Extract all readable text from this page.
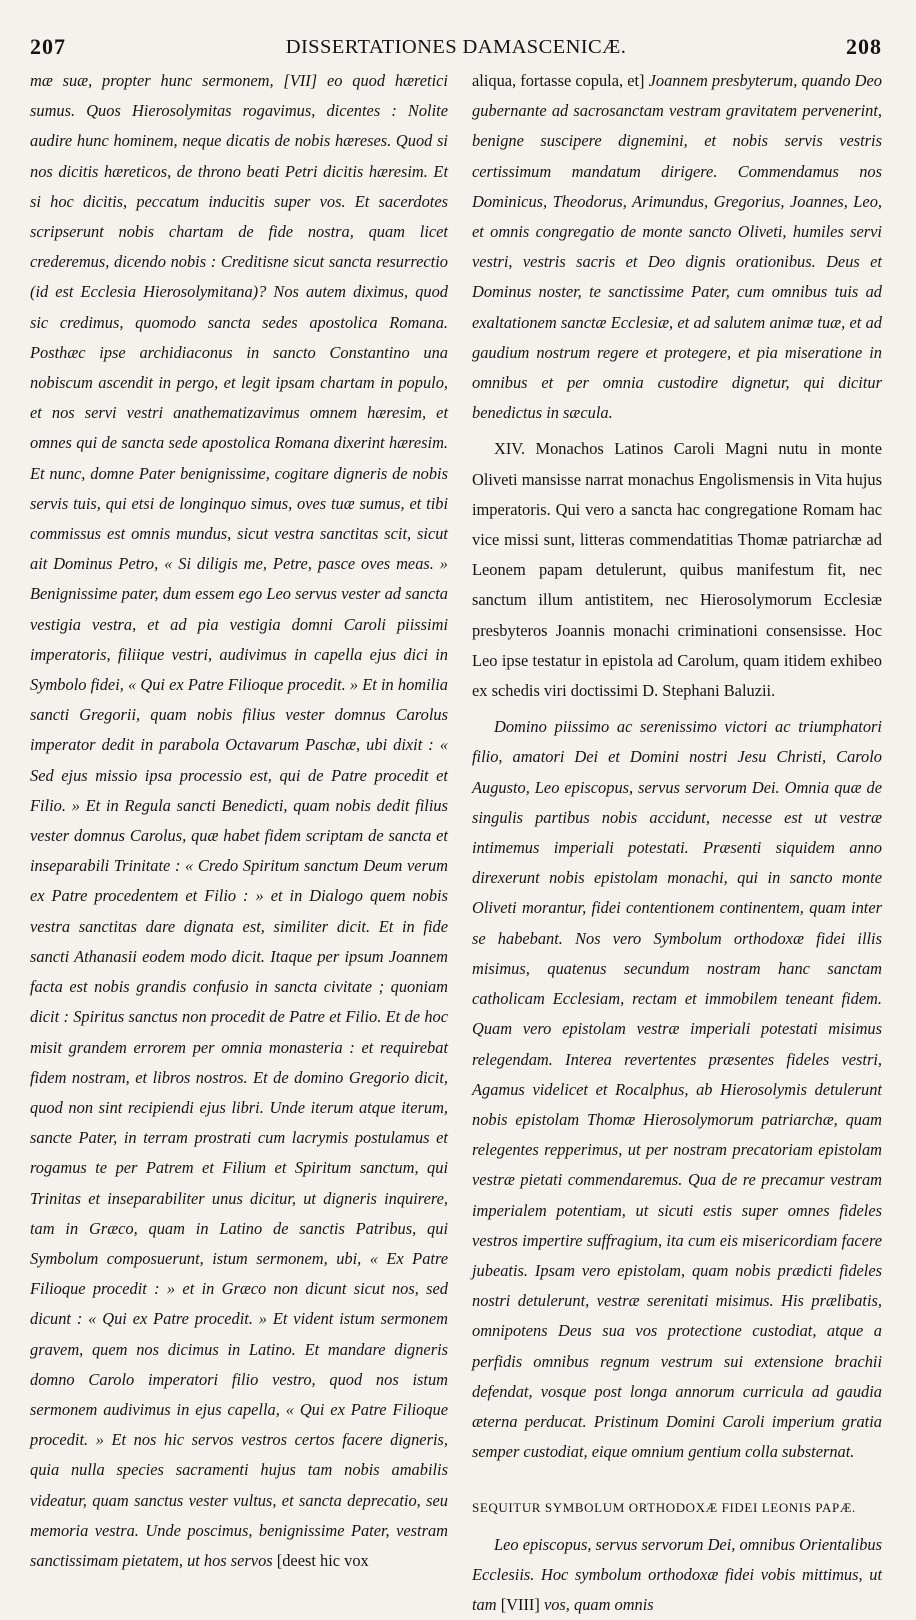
207	DISSERTATIONES DAMASCENICÆ.	208

mæ suæ, propter hunc sermonem, [VII] eo quod hæretici sumus. Quos Hierosolymitas rogavimus, dicentes : Nolite audire hunc hominem, neque dicatis de nobis hæreses. Quod si nos dicitis hæreticos, de throno beati Petri dicitis hæresim. Et si hoc dicitis, peccatum inducitis super vos. Et sacerdotes scripserunt nobis chartam de fide nostra, quam licet crederemus, dicendo nobis : Creditisne sicut sancta resurrectio (id est Ecclesia Hierosolymitana)? Nos autem diximus, quod sic credimus, quomodo sancta sedes apostolica Romana. Posthæc ipse archidiaconus in sancto Constantino una nobiscum ascendit in pergo, et legit ipsam chartam in populo, et nos servi vestri anathematizavimus omnem hæresim, et omnes qui de sancta sede apostolica Romana dixerint hæresim. Et nunc, domne Pater benignissime, cogitare digneris de nobis servis tuis, qui etsi de longinquo simus, oves tuæ sumus, et tibi commissus est omnis mundus, sicut vestra sanctitas scit, sicut ait Dominus Petro, « Si diligis me, Petre, pasce oves meas. » Benignissime pater, dum essem ego Leo servus vester ad sancta vestigia vestra, et ad pia vestigia domni Caroli piissimi imperatoris, filiique vestri, audivimus in capella ejus dici in Symbolo fidei, « Qui ex Patre Filioque procedit. » Et in homilia sancti Gregorii, quam nobis filius vester domnus Carolus imperator dedit in parabola Octavarum Paschæ, ubi dixit : « Sed ejus missio ipsa processio est, qui de Patre procedit et Filio. » Et in Regula sancti Benedicti, quam nobis dedit filius vester domnus Carolus, quæ habet fidem scriptam de sancta et inseparabili Trinitate : « Credo Spiritum sanctum Deum verum ex Patre procedentem et Filio : » et in Dialogo quem nobis vestra sanctitas dare dignata est, similiter dicit. Et in fide sancti Athanasii eodem modo dicit. Itaque per ipsum Joannem facta est nobis grandis confusio in sancta civitate ; quoniam dicit : Spiritus sanctus non procedit de Patre et Filio. Et de hoc misit grandem errorem per omnia monasteria : et requirebat fidem nostram, et libros nostros. Et de domino Gregorio dicit, quod non sint recipiendi ejus libri. Unde iterum atque iterum, sancte Pater, in terram prostrati cum lacrymis postulamus et rogamus te per Patrem et Filium et Spiritum sanctum, qui Trinitas et inseparabiliter unus dicitur, ut digneris inquirere, tam in Græco, quam in Latino de sanctis Patribus, qui Symbolum composuerunt, istum sermonem, ubi, « Ex Patre Filioque procedit : » et in Græco non dicunt sicut nos, sed dicunt : « Qui ex Patre procedit. » Et vident istum sermonem gravem, quem nos dicimus in Latino. Et mandare digneris domno Carolo imperatori filio vestro, quod nos istum sermonem audivimus in ejus capella, « Qui ex Patre Filioque procedit. » Et nos hic servos vestros certos facere digneris, quia nulla species sacramenti hujus tam nobis amabilis videatur, quam sanctus vester vultus, et sancta deprecatio, seu memoria vestra. Unde poscimus, benignissime Pater, vestram sanctissimam pietatem, ut hos servos [deest hic vox

aliqua, fortasse copula, et] Joannem presbyterum, quando Deo gubernante ad sacrosanctam vestram gravitatem pervenerint, benigne suscipere dignemini, et nobis servis vestris certissimum mandatum dirigere. Commendamus nos Dominicus, Theodorus, Arimundus, Gregorius, Joannes, Leo, et omnis congregatio de monte sancto Oliveti, humiles servi vestri, vestris sacris et Deo dignis orationibus. Deus et Dominus noster, te sanctissime Pater, cum omnibus tuis ad exaltationem sanctæ Ecclesiæ, et ad salutem animæ tuæ, et ad gaudium nostrum regere et protegere, et pia miseratione in omnibus et per omnia custodire dignetur, qui dicitur benedictus in sæcula.

XIV. Monachos Latinos Caroli Magni nutu in monte Oliveti mansisse narrat monachus Engolismensis in Vita hujus imperatoris. Qui vero a sancta hac congregatione Romam hac vice missi sunt, litteras commendatitias Thomæ patriarchæ ad Leonem papam detulerunt, quibus manifestum fit, nec sanctum illum antistitem, nec Hierosolymorum Ecclesiæ presbyteros Joannis monachi criminationi consensisse. Hoc Leo ipse testatur in epistola ad Carolum, quam itidem exhibeo ex schedis viri doctissimi D. Stephani Baluzii.

Domino piissimo ac serenissimo victori ac triumphatori filio, amatori Dei et Domini nostri Jesu Christi, Carolo Augusto, Leo episcopus, servus servorum Dei. Omnia quæ de singulis partibus nobis accidunt, necesse est ut vestræ intimemus imperiali potestati. Præsenti siquidem anno direxerunt nobis epistolam monachi, qui in sancto monte Oliveti morantur, fidei contentionem continentem, quam inter se habebant. Nos vero Symbolum orthodoxæ fidei illis misimus, quatenus secundum nostram hanc sanctam catholicam Ecclesiam, rectam et immobilem teneant fidem. Quam vero epistolam vestræ imperiali potestati misimus relegendam. Interea revertentes præsentes fideles vestri, Agamus videlicet et Rocalphus, ab Hierosolymis detulerunt nobis epistolam Thomæ Hierosolymorum patriarchæ, quam relegentes repperimus, ut per nostram precatoriam epistolam vestræ pietati commendaremus. Qua de re precamur vestram imperialem potentiam, ut sicuti estis super omnes fideles vestros impertire suffragium, ita cum eis misericordiam facere jubeatis. Ipsam vero epistolam, quam nobis prædicti fideles nostri detulerunt, vestræ serenitati misimus. His prælibatis, omnipotens Deus sua vos protectione custodiat, atque a perfidis omnibus regnum vestrum sui extensione brachii defendat, vosque post longa annorum curricula ad gaudia æterna perducat. Pristinum Domini Caroli imperium gratia semper custodiat, eique omnium gentium colla substernat.

SEQUITUR SYMBOLUM ORTHODOXÆ FIDEI LEONIS PAPÆ.

Leo episcopus, servus servorum Dei, omnibus Orientalibus Ecclesiis. Hoc symbolum orthodoxæ fidei vobis mittimus, ut tam [VIII] vos, quam omnis
